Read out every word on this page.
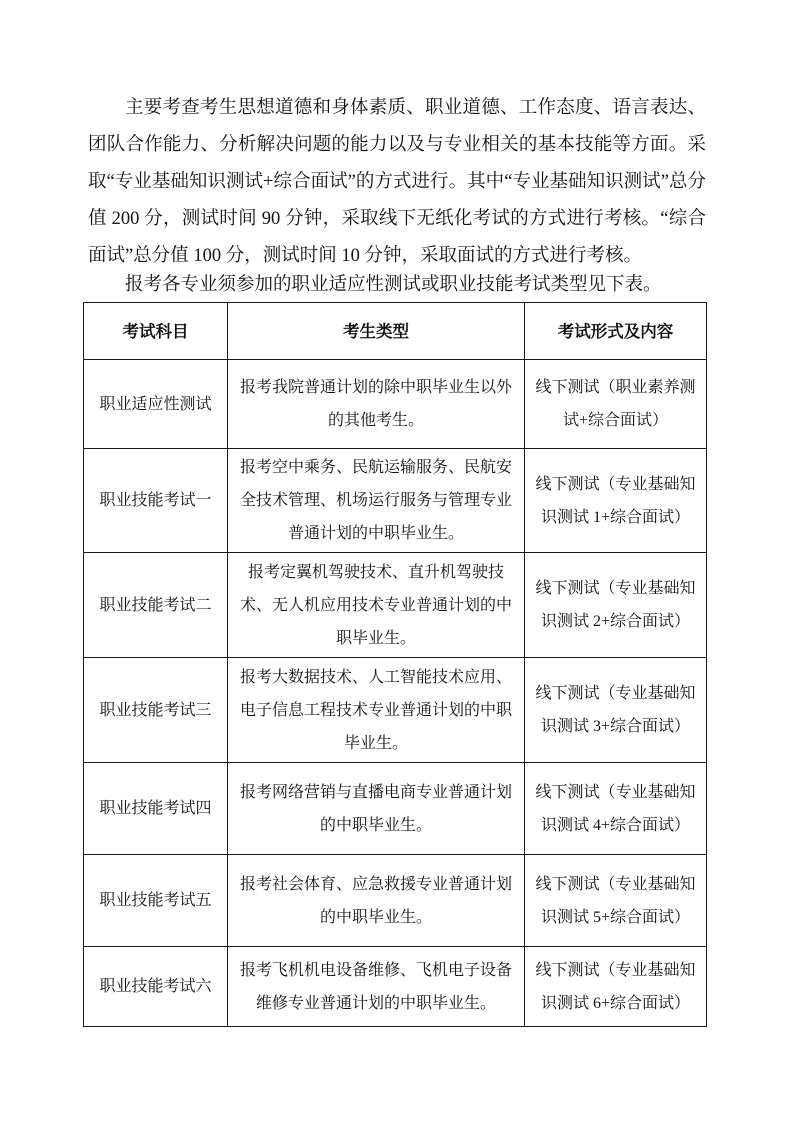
主要考查考生思想道德和身体素质、职业道德、工作态度、语言表达、团队合作能力、分析解决问题的能力以及与专业相关的基本技能等方面。采取“专业基础知识测试+综合面试”的方式进行。其中“专业基础知识测试”总分值 200 分，测试时间 90 分钟，采取线下无纸化考试的方式进行考核。“综合面试”总分值 100 分，测试时间 10 分钟，采取面试的方式进行考核。

报考各专业须参加的职业适应性测试或职业技能考试类型见下表。

考试科目	考生类型	考试形式及内容
职业适应性测试	报考我院普通计划的除中职毕业生以外的其他考生。	线下测试（职业素养测试+综合面试）
职业技能考试一	报考空中乘务、民航运输服务、民航安全技术管理、机场运行服务与管理专业普通计划的中职毕业生。	线下测试（专业基础知识测试 1+综合面试）
职业技能考试二	报考定翼机驾驶技术、直升机驾驶技术、无人机应用技术专业普通计划的中职毕业生。	线下测试（专业基础知识测试 2+综合面试）
职业技能考试三	报考大数据技术、人工智能技术应用、电子信息工程技术专业普通计划的中职毕业生。	线下测试（专业基础知识测试 3+综合面试）
职业技能考试四	报考网络营销与直播电商专业普通计划的中职毕业生。	线下测试（专业基础知识测试 4+综合面试）
职业技能考试五	报考社会体育、应急救援专业普通计划的中职毕业生。	线下测试（专业基础知识测试 5+综合面试）
职业技能考试六	报考飞机机电设备维修、飞机电子设备维修专业普通计划的中职毕业生。	线下测试（专业基础知识测试 6+综合面试）
